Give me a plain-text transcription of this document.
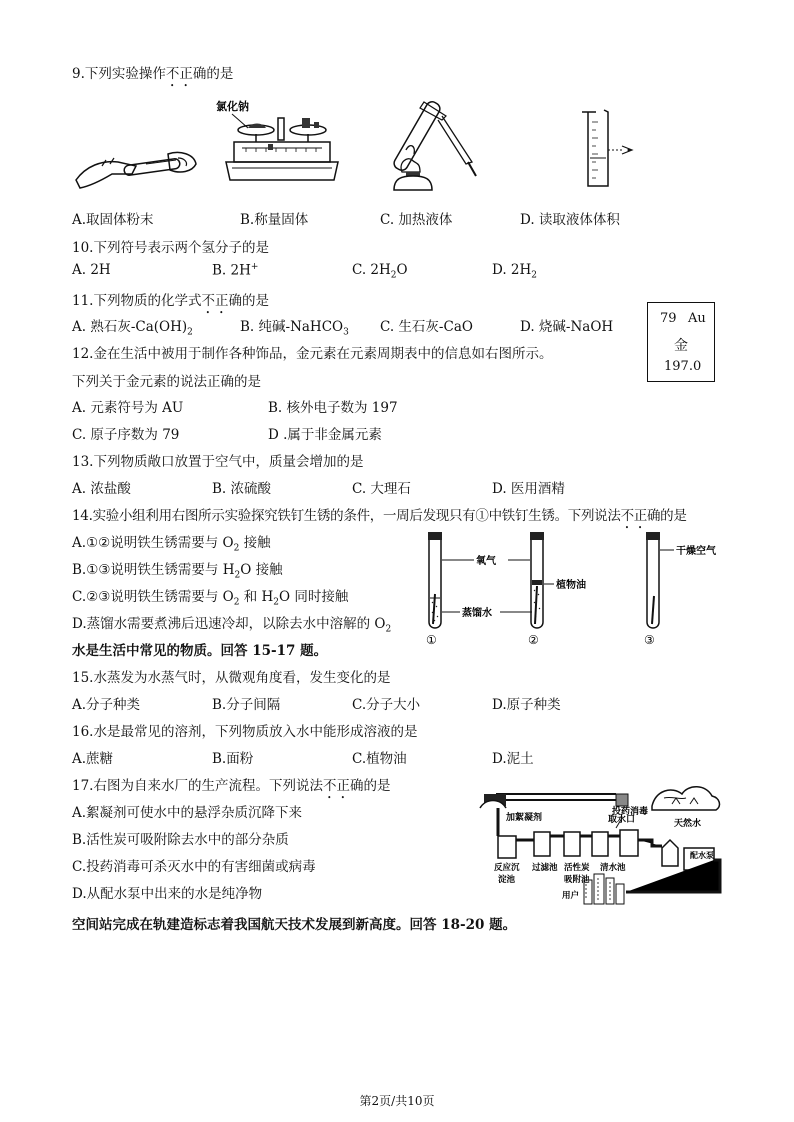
9.下列实验操作不正确的是
氯化钠
A.取固体粉末	B.称量固体	C. 加热液体	D. 读取液体体积
10.下列符号表示两个氢分子的是
A. 2H	B. 2H+	C. $2H_2O$	D. $2H_2$
11.下列物质的化学式不正确的是
A. 熟石灰$-Ca(OH)_2$	B. 纯碱-NaHCO$_3$ C. 生石灰-CaO	D. 烧碱-NaOH
79 Au
金
197.0
12.金在生活中被用于制作各种饰品，金元素在元素周期表中的信息如右图所示。
下列关于金元素的说法正确的是
A. 元素符号为 AU	B. 核外电子数为 197
C. 原子序数为 79	D .属于非金属元素
13.下列物质敞口放置于空气中，质量会增加的是
A. 浓盐酸	B. 浓硫酸	C. 大理石	D. 医用酒精
14.实验小组利用右图所示实验探究铁钉生锈的条件，一周后发现只有①中铁钉生锈。下列说法不正确的是
A.①②说明铁生锈需要与 $O_2$ 接触
B.①③说明铁生锈需要与 $H_2O$ 接触
C.②③说明铁生锈需要与 $O_2$ 和 $H_2O$ 同时接触
D.蒸馏水需要煮沸后迅速冷却，以除去水中溶解的 $O_2$
①	②
氧气
植物油
蒸馏水
干燥空气
③
水是生活中常见的物质。回答 15-17 题。
15.水蒸发为水蒸气时，从微观角度看，发生变化的是
A.分子种类	B.分子间隔	C.分子大小	D.原子种类
16.水是最常见的溶剂，下列物质放入水中能形成溶液的是
A.蔗糖	B.面粉	C.植物油	D.泥土
17.右图为自来水厂的生产流程。下列说法不正确的是
A.絮凝剂可使水中的悬浮杂质沉降下来
B.活性炭可吸附除去水中的部分杂质
C.投药消毒可杀灭水中的有害细菌或病毒
D.从配水泵中出来的水是纯净物
天然水
取水口
加絮凝剂
投药消毒
配 水 泵
反应沉
淀池
过滤池 活性炭
吸附池
清水池
用户
空间站完成在轨建造标志着我国航天技术发展到新高度。回答 18-20 题。
第2页/共10页
